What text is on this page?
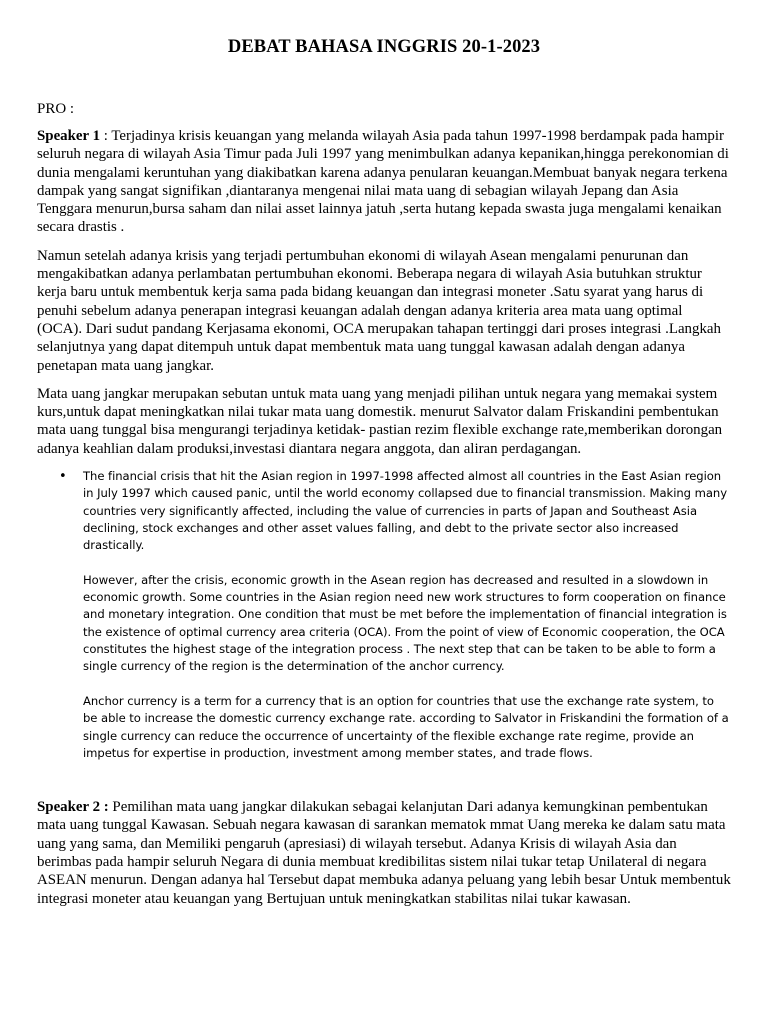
DEBAT BAHASA INGGRIS 20-1-2023
PRO :

Speaker 1 : Terjadinya krisis keuangan yang melanda wilayah Asia pada tahun 1997-1998 berdampak pada hampir seluruh negara di wilayah Asia Timur pada Juli 1997 yang menimbulkan adanya kepanikan,hingga perekonomian di dunia mengalami keruntuhan yang diakibatkan karena adanya penularan keuangan.Membuat banyak negara terkena dampak yang sangat signifikan ,diantaranya mengenai nilai mata uang di sebagian wilayah Jepang dan Asia Tenggara menurun,bursa saham dan nilai asset lainnya jatuh ,serta hutang kepada swasta juga mengalami kenaikan secara drastis .

Namun setelah adanya krisis yang terjadi pertumbuhan ekonomi di wilayah Asean mengalami penurunan dan mengakibatkan adanya perlambatan pertumbuhan ekonomi. Beberapa negara di wilayah Asia butuhkan struktur kerja baru untuk membentuk kerja sama pada bidang keuangan dan integrasi moneter .Satu syarat yang harus di penuhi sebelum adanya penerapan integrasi keuangan adalah dengan adanya kriteria area mata uang optimal (OCA). Dari sudut pandang Kerjasama ekonomi, OCA merupakan tahapan tertinggi dari proses integrasi .Langkah selanjutnya yang dapat ditempuh untuk dapat membentuk mata uang tunggal kawasan adalah dengan adanya penetapan mata uang jangkar.

Mata uang jangkar merupakan sebutan untuk mata uang yang menjadi pilihan untuk negara yang memakai system kurs,untuk dapat meningkatkan nilai tukar mata uang domestik. menurut Salvator dalam Friskandini pembentukan mata uang tunggal bisa mengurangi terjadinya ketidak- pastian rezim flexible exchange rate,memberikan dorongan adanya keahlian dalam produksi,investasi diantara negara anggota, dan aliran perdagangan.

• The financial crisis that hit the Asian region in 1997-1998 affected almost all countries in the East Asian region in July 1997 which caused panic, until the world economy collapsed due to financial transmission. Making many countries very significantly affected, including the value of currencies in parts of Japan and Southeast Asia declining, stock exchanges and other asset values falling, and debt to the private sector also increased drastically.

However, after the crisis, economic growth in the Asean region has decreased and resulted in a slowdown in economic growth. Some countries in the Asian region need new work structures to form cooperation on finance and monetary integration. One condition that must be met before the implementation of financial integration is the existence of optimal currency area criteria (OCA). From the point of view of Economic cooperation, the OCA constitutes the highest stage of the integration process . The next step that can be taken to be able to form a single currency of the region is the determination of the anchor currency.

Anchor currency is a term for a currency that is an option for countries that use the exchange rate system, to be able to increase the domestic currency exchange rate. according to Salvator in Friskandini the formation of a single currency can reduce the occurrence of uncertainty of the flexible exchange rate regime, provide an impetus for expertise in production, investment among member states, and trade flows.

Speaker 2 : Pemilihan mata uang jangkar dilakukan sebagai kelanjutan Dari adanya kemungkinan pembentukan mata uang tunggal Kawasan. Sebuah negara kawasan di sarankan mematok mmat Uang mereka ke dalam satu mata uang yang sama, dan Memiliki pengaruh (apresiasi) di wilayah tersebut. Adanya Krisis di wilayah Asia dan berimbas pada hampir seluruh Negara di dunia membuat kredibilitas sistem nilai tukar tetap Unilateral di negara ASEAN menurun. Dengan adanya hal Tersebut dapat membuka adanya peluang yang lebih besar Untuk membentuk integrasi moneter atau keuangan yang Bertujuan untuk meningkatkan stabilitas nilai tukar kawasan.
